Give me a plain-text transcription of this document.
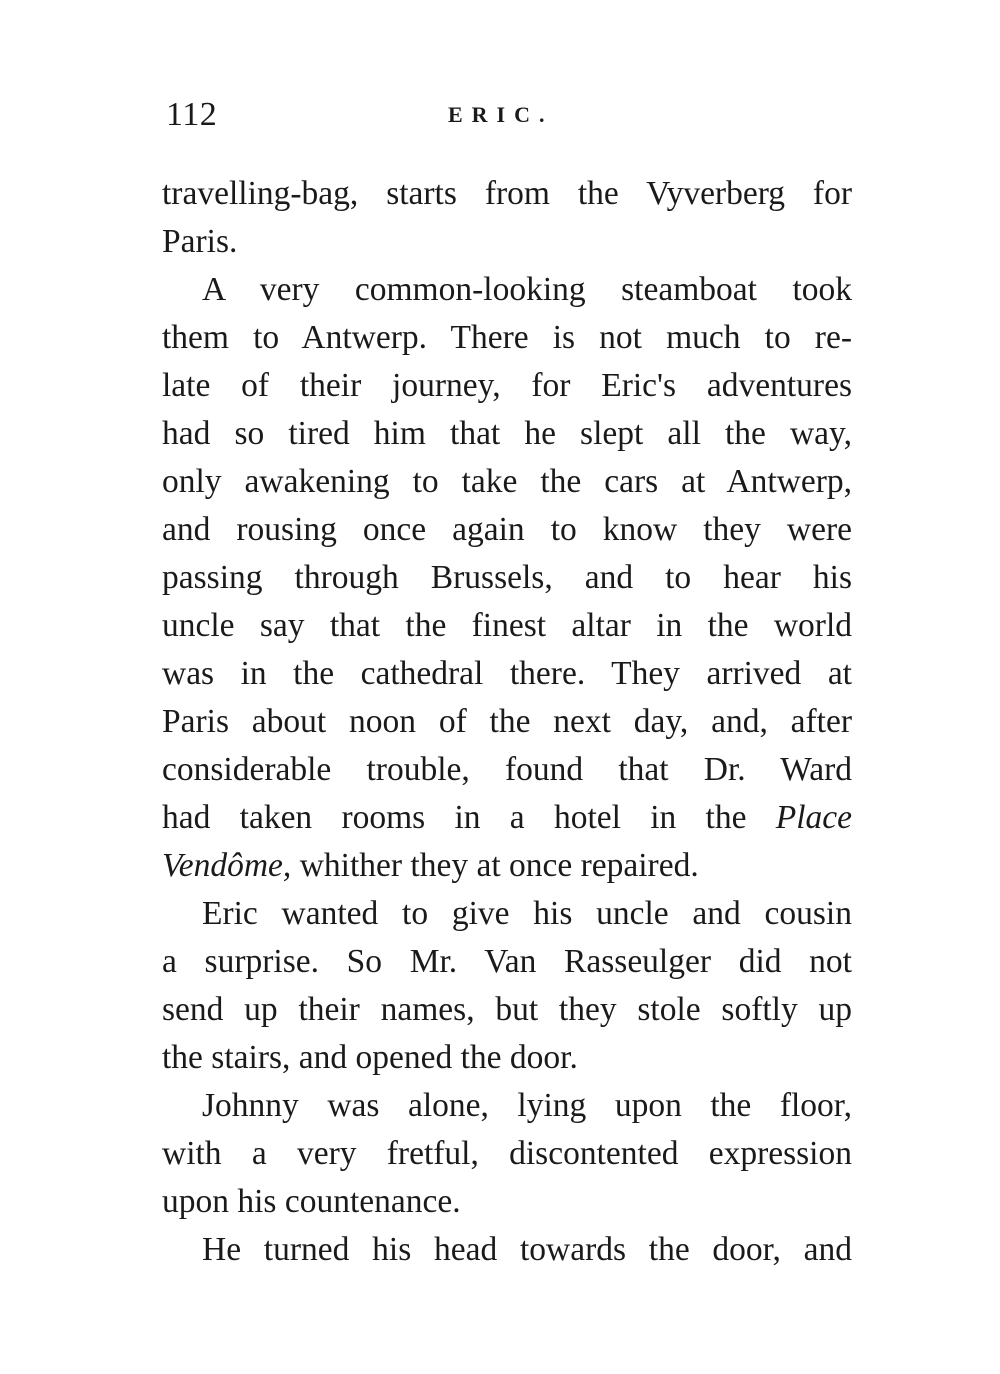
112	ERIC.
travelling-bag, starts from the Vyverberg for
Paris.
A very common-looking steamboat took
them to Antwerp. There is not much to re-
late of their journey, for Eric's adventures
had so tired him that he slept all the way,
only awakening to take the cars at Antwerp,
and rousing once again to know they were
passing through Brussels, and to hear his
uncle say that the finest altar in the world
was in the cathedral there. They arrived at
Paris about noon of the next day, and, after
considerable trouble, found that Dr. Ward
had taken rooms in a hotel in the Place
Vendôme, whither they at once repaired.
Eric wanted to give his uncle and cousin
a surprise. So Mr. Van Rasseulger did not
send up their names, but they stole softly up
the stairs, and opened the door.
Johnny was alone, lying upon the floor,
with a very fretful, discontented expression
upon his countenance.
He turned his head towards the door, and
